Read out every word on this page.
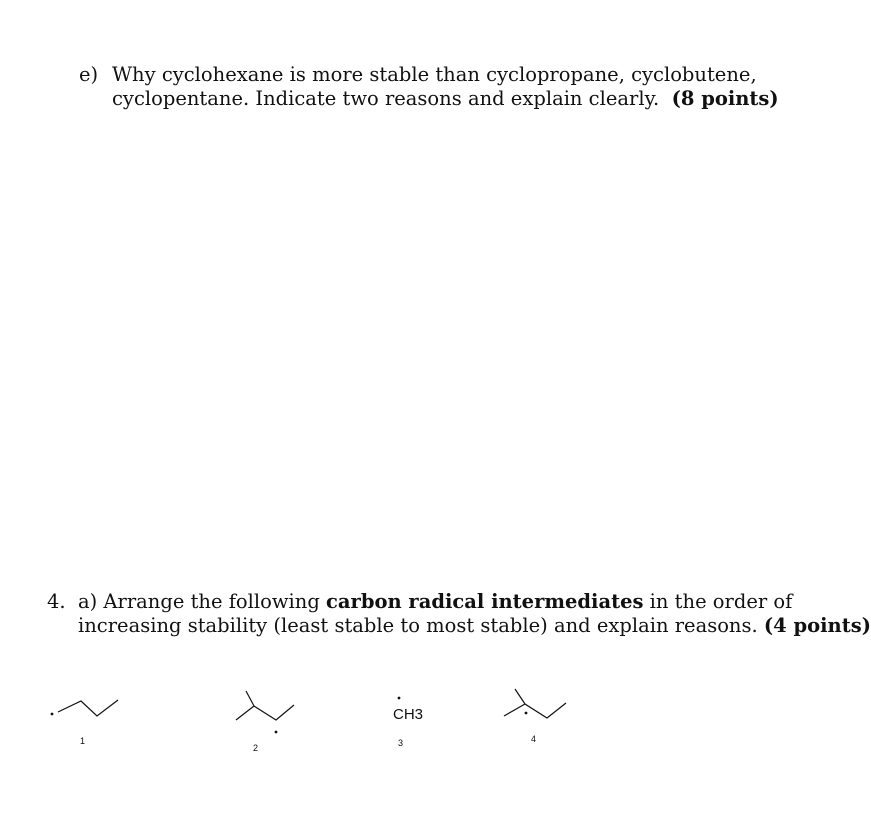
e) Why cyclohexane is more stable than cyclopropane, cyclobutene,
cyclopentane. Indicate two reasons and explain clearly. (8 points)
4. a) Arrange the following carbon radical intermediates in the order of
increasing stability (least stable to most stable) and explain reasons. (4 points)
1
2
CH3
3	4
